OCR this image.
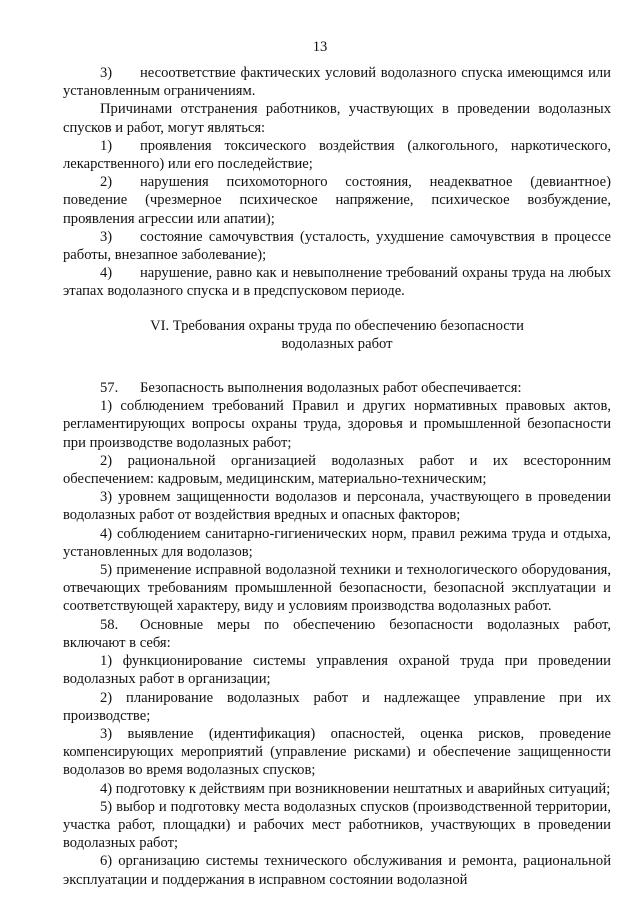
13

3) несоответствие фактических условий водолазного спуска имеющимся или установленным ограничениям.

Причинами отстранения работников, участвующих в проведении водолазных спусков и работ, могут являться:

1) проявления токсического воздействия (алкогольного, наркотического, лекарственного) или его последействие;

2) нарушения психомоторного состояния, неадекватное (девиантное) поведение (чрезмерное психическое напряжение, психическое возбуждение, проявления агрессии или апатии);

3) состояние самочувствия (усталость, ухудшение самочувствия в процессе работы, внезапное заболевание);

4) нарушение, равно как и невыполнение требований охраны труда на любых этапах водолазного спуска и в предспусковом периоде.

VI. Требования охраны труда по обеспечению безопасности
водолазных работ

57. Безопасность выполнения водолазных работ обеспечивается:

1) соблюдением требований Правил и других нормативных правовых актов, регламентирующих вопросы охраны труда, здоровья и промышленной безопасности при производстве водолазных работ;

2) рациональной организацией водолазных работ и их всесторонним обеспечением: кадровым, медицинским, материально-техническим;

3) уровнем защищенности водолазов и персонала, участвующего в проведении водолазных работ от воздействия вредных и опасных факторов;

4) соблюдением санитарно-гигиенических норм, правил режима труда и отдыха, установленных для водолазов;

5) применение исправной водолазной техники и технологического оборудования, отвечающих требованиям промышленной безопасности, безопасной эксплуатации и соответствующей характеру, виду и условиям производства водолазных работ.

58. Основные меры по обеспечению безопасности водолазных работ, включают в себя:

1) функционирование системы управления охраной труда при проведении водолазных работ в организации;

2) планирование водолазных работ и надлежащее управление при их производстве;

3) выявление (идентификация) опасностей, оценка рисков, проведение компенсирующих мероприятий (управление рисками) и обеспечение защищенности водолазов во время водолазных спусков;

4) подготовку к действиям при возникновении нештатных и аварийных ситуаций;

5) выбор и подготовку места водолазных спусков (производственной территории, участка работ, площадки) и рабочих мест работников, участвующих в проведении водолазных работ;

6) организацию системы технического обслуживания и ремонта, рациональной эксплуатации и поддержания в исправном состоянии водолазной
